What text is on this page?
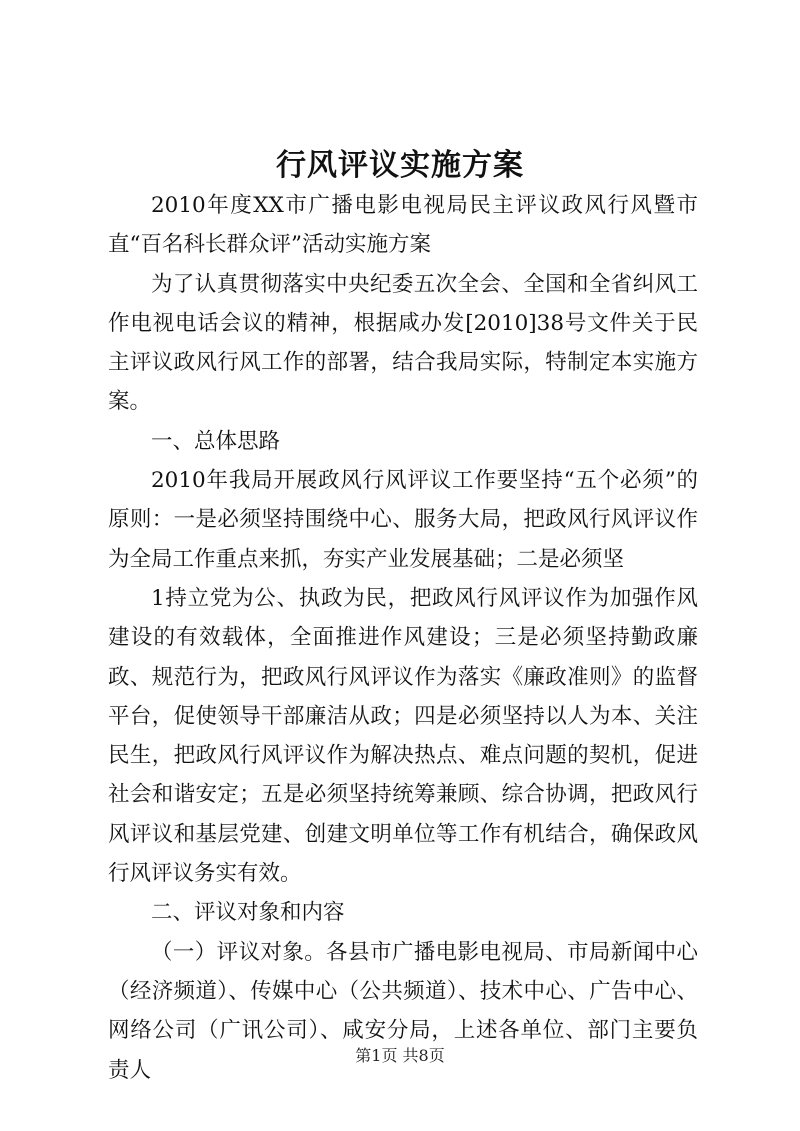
行风评议实施方案

2010年度XX市广播电影电视局民主评议政风行风暨市直“百名科长群众评”活动实施方案

为了认真贯彻落实中央纪委五次全会、全国和全省纠风工作电视电话会议的精神，根据咸办发[2010]38号文件关于民主评议政风行风工作的部署，结合我局实际，特制定本实施方案。

一、总体思路

2010年我局开展政风行风评议工作要坚持“五个必须”的原则：一是必须坚持围绕中心、服务大局，把政风行风评议作为全局工作重点来抓，夯实产业发展基础；二是必须坚

1持立党为公、执政为民，把政风行风评议作为加强作风建设的有效载体，全面推进作风建设；三是必须坚持勤政廉政、规范行为，把政风行风评议作为落实《廉政准则》的监督平台，促使领导干部廉洁从政；四是必须坚持以人为本、关注民生，把政风行风评议作为解决热点、难点问题的契机，促进社会和谐安定；五是必须坚持统筹兼顾、综合协调，把政风行风评议和基层党建、创建文明单位等工作有机结合，确保政风行风评议务实有效。

二、评议对象和内容

（一）评议对象。各县市广播电影电视局、市局新闻中心（经济频道）、传媒中心（公共频道）、技术中心、广告中心、网络公司（广讯公司）、咸安分局，上述各单位、部门主要负责人

第1页 共8页
